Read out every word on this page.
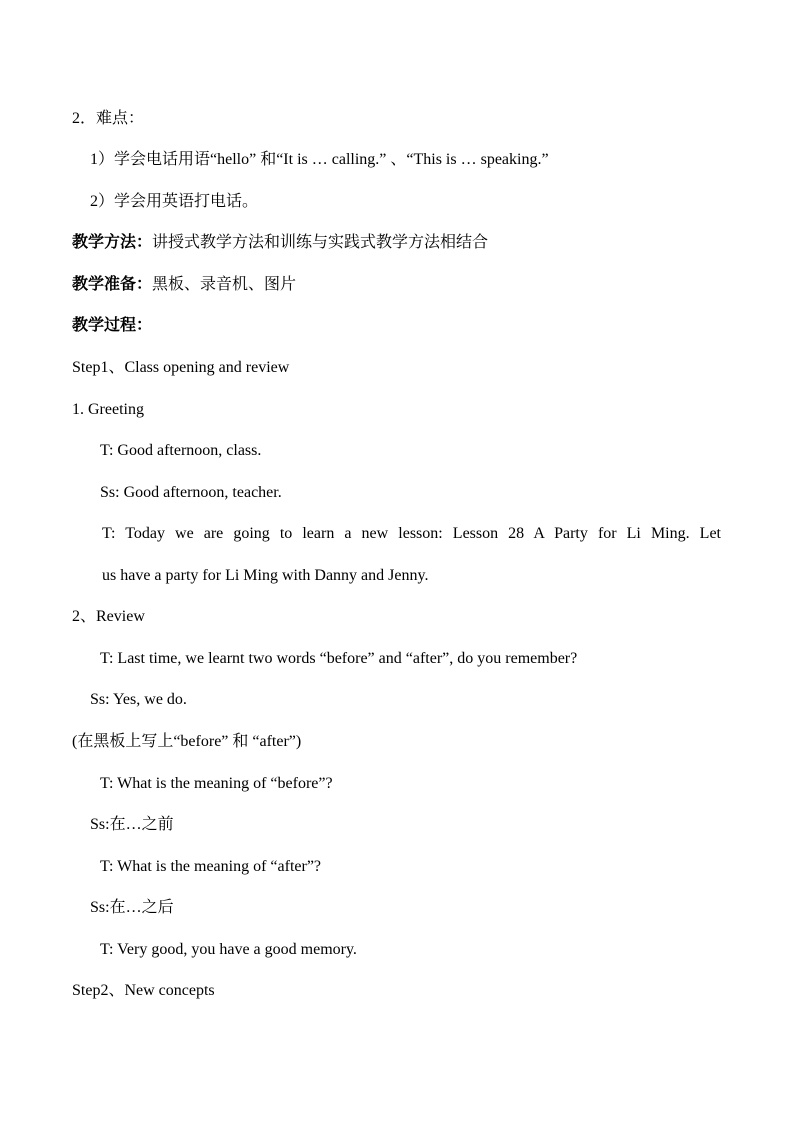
2．难点：
1）学会电话用语“hello” 和“It is … calling.” 、“This is … speaking.”
2）学会用英语打电话。
教学方法：讲授式教学方法和训练与实践式教学方法相结合
教学准备：黑板、录音机、图片
教学过程：
Step1、Class opening and review
1. Greeting
T: Good afternoon, class.
Ss: Good afternoon, teacher.
T: Today we are going to learn a new lesson: Lesson 28 A Party for Li Ming. Let
us have a party for Li Ming with Danny and Jenny.
2、Review
T: Last time, we learnt two words “before” and “after”, do you remember?
Ss: Yes, we do.
(在黑板上写上“before” 和 “after”)
T: What is the meaning of “before”?
Ss:在…之前
T: What is the meaning of “after”?
Ss:在…之后
T: Very good, you have a good memory.
Step2、New concepts
